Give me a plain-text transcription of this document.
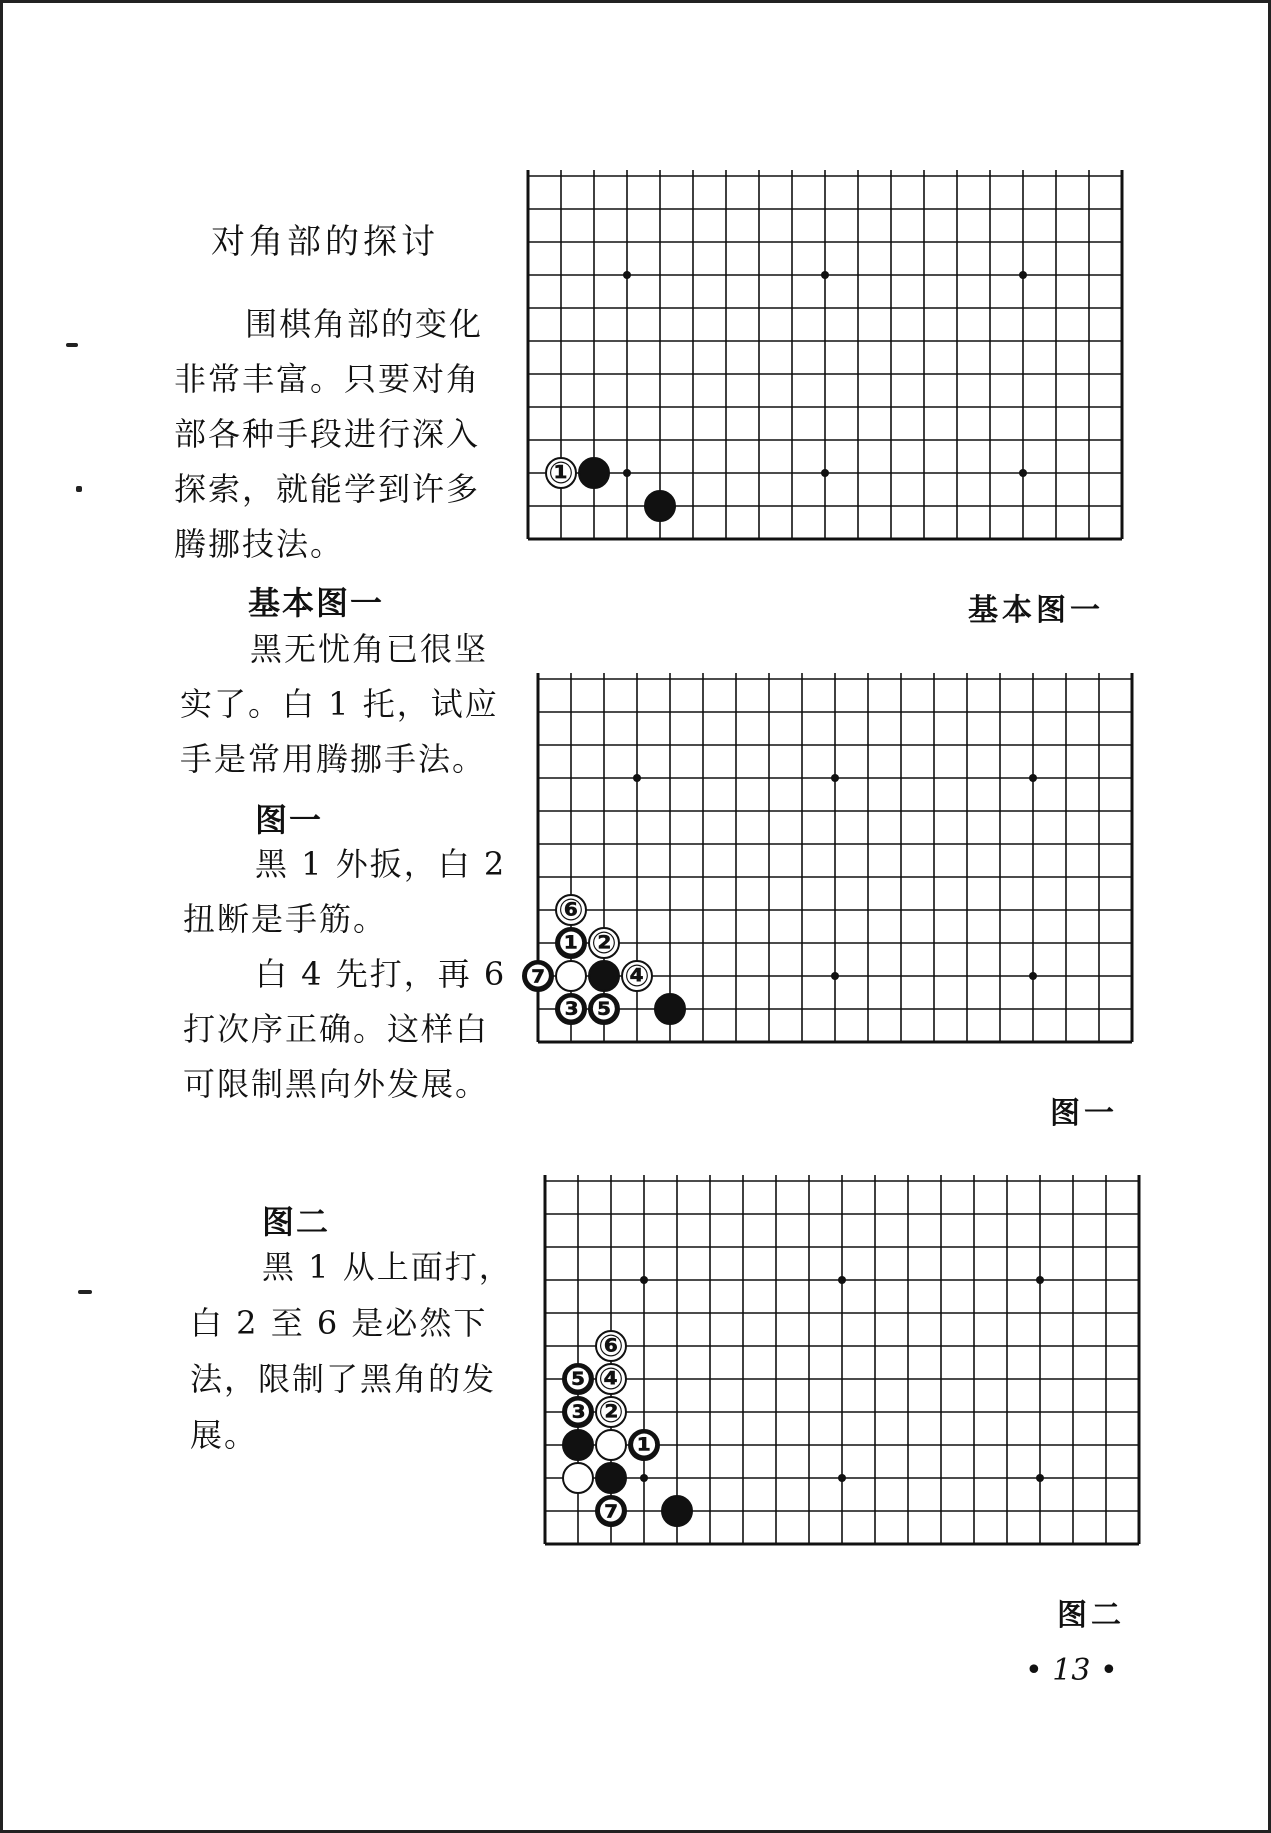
对角部的探讨
围棋角部的变化
非常丰富。只要对角
部各种手段进行深入
探索，就能学到许多
腾挪技法。
基本图一
黑无忧角已很坚
实了。白 1 托，试应
手是常用腾挪手法。
图一
黑 1 外扳，白 2
扭断是手筋。
白 4 先打，再 6
打次序正确。这样白
可限制黑向外发展。
图二
黑 1 从上面打，
白 2 至 6 是必然下
法，限制了黑角的发
展。
①
⑥
❶ ②
❼ ④
❸ ❺
⑥
❺ ④
❸ ②
❶
❼
基本图一
图一
图二
• 13 •
